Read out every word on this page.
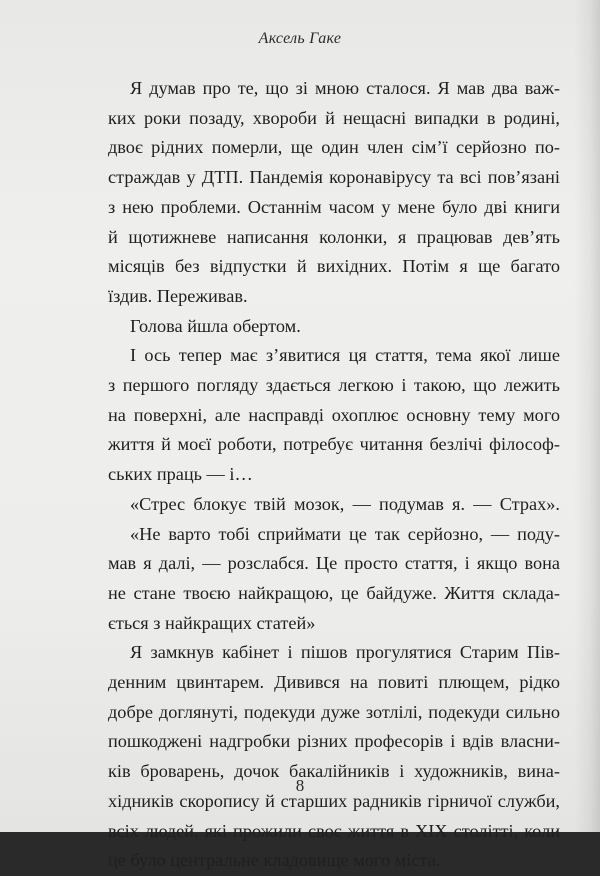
Аксель Гаке
Я думав про те, що зі мною сталося. Я мав два важ-
ких роки позаду, хвороби й нещасні випадки в родині,
двоє рідних померли, ще один член сім’ї серйозно по-
страждав у ДТП. Пандемія коронавірусу та всі пов’язані
з нею проблеми. Останнім часом у мене було дві книги
й щотижневе написання колонки, я працював дев’ять
місяців без відпустки й вихідних. Потім я ще багато
їздив. Переживав.
Голова йшла обертом.
І ось тепер має з’явитися ця стаття, тема якої лише
з першого погляду здається легкою і такою, що лежить
на поверхні, але насправді охоплює основну тему мого
життя й моєї роботи, потребує читання безлічі філософ-
ських праць — і…
«Стрес блокує твій мозок, — подумав я. — Страх».
«Не варто тобі сприймати це так серйозно, — поду-
мав я далі, — розслабся. Це просто стаття, і якщо вона
не стане твоєю найкращою, це байдуже. Життя склада-
ється з найкращих статей»
Я замкнув кабінет і пішов прогулятися Старим Пів-
денним цвинтарем. Дивився на повиті плющем, рідко
добре доглянуті, подекуди дуже зотлілі, подекуди сильно
пошкоджені надгробки різних професорів і вдів власни-
ків броварень, дочок бакалійників і художників, вина-
хідників скоропису й старших радників гірничої служби,
всіх людей, які прожили своє життя в XIX столітті, коли
це було центральне кладовище мого міста.
8
